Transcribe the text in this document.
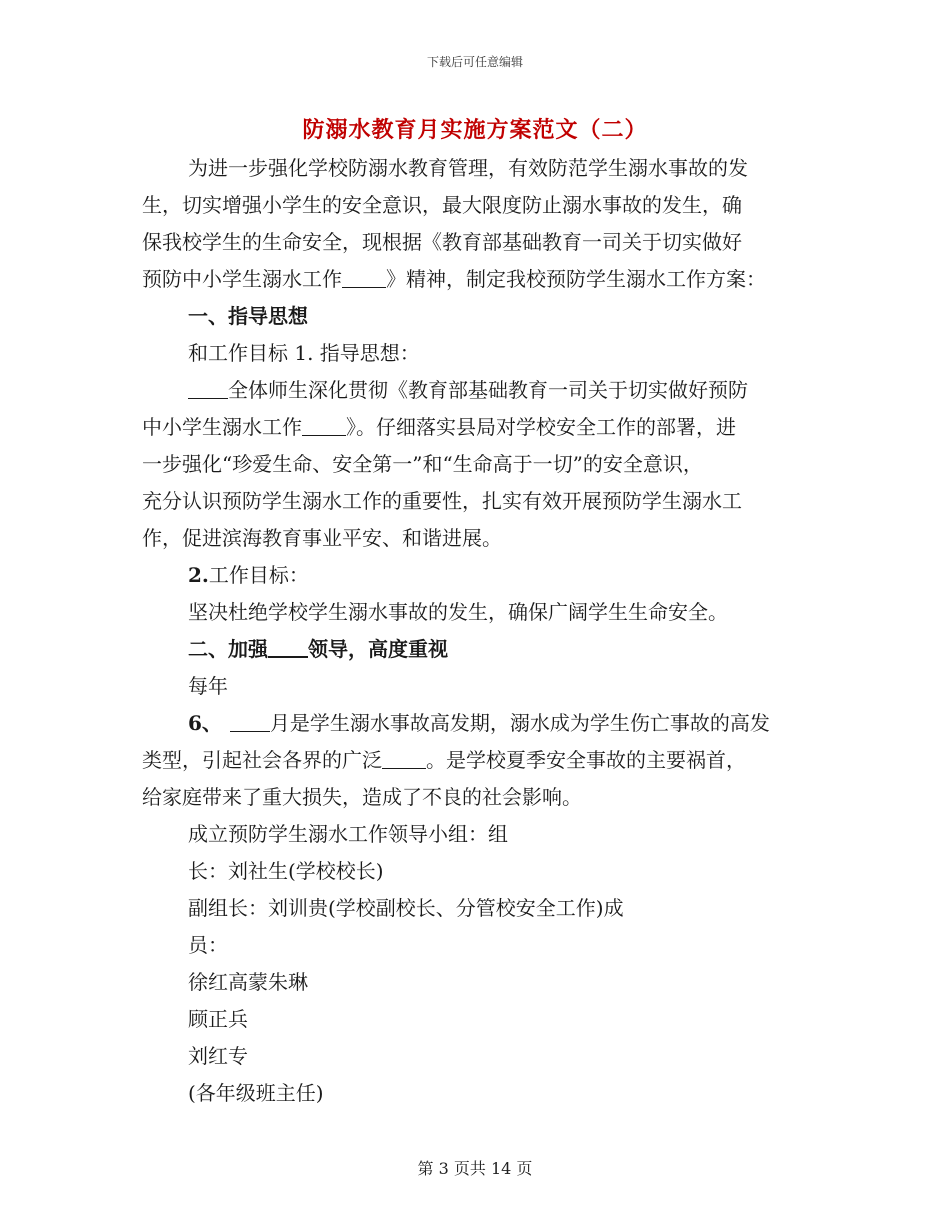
下载后可任意编辑
防溺水教育月实施方案范文（二）

为进一步强化学校防溺水教育管理，有效防范学生溺水事故的发

生，切实增强小学生的安全意识，最大限度防止溺水事故的发生，确

保我校学生的生命安全，现根据《教育部基础教育一司关于切实做好

预防中小学生溺水工作 》精神，制定我校预防学生溺水工作方案：

一、指导思想

和工作目标 1. 指导思想：

全体师生深化贯彻《教育部基础教育一司关于切实做好预防

中小学生溺水工作 》。仔细落实县局对学校安全工作的部署，进

一步强化“珍爱生命、安全第一”和“生命高于一切”的安全意识，

充分认识预防学生溺水工作的重要性，扎实有效开展预防学生溺水工

作，促进滨海教育事业平安、和谐进展。

2.工作目标：

坚决杜绝学校学生溺水事故的发生，确保广阔学生生命安全。

二、加强 领导，高度重视

每年

6、 月是学生溺水事故高发期，溺水成为学生伤亡事故的高发

类型，引起社会各界的广泛 。是学校夏季安全事故的主要祸首，

给家庭带来了重大损失，造成了不良的社会影响。

成立预防学生溺水工作领导小组：组

长：刘社生(学校校长)

副组长：刘训贵(学校副校长、分管校安全工作)成

员：

徐红高蒙朱琳

顾正兵

刘红专

(各年级班主任)

第 3 页共 14 页
